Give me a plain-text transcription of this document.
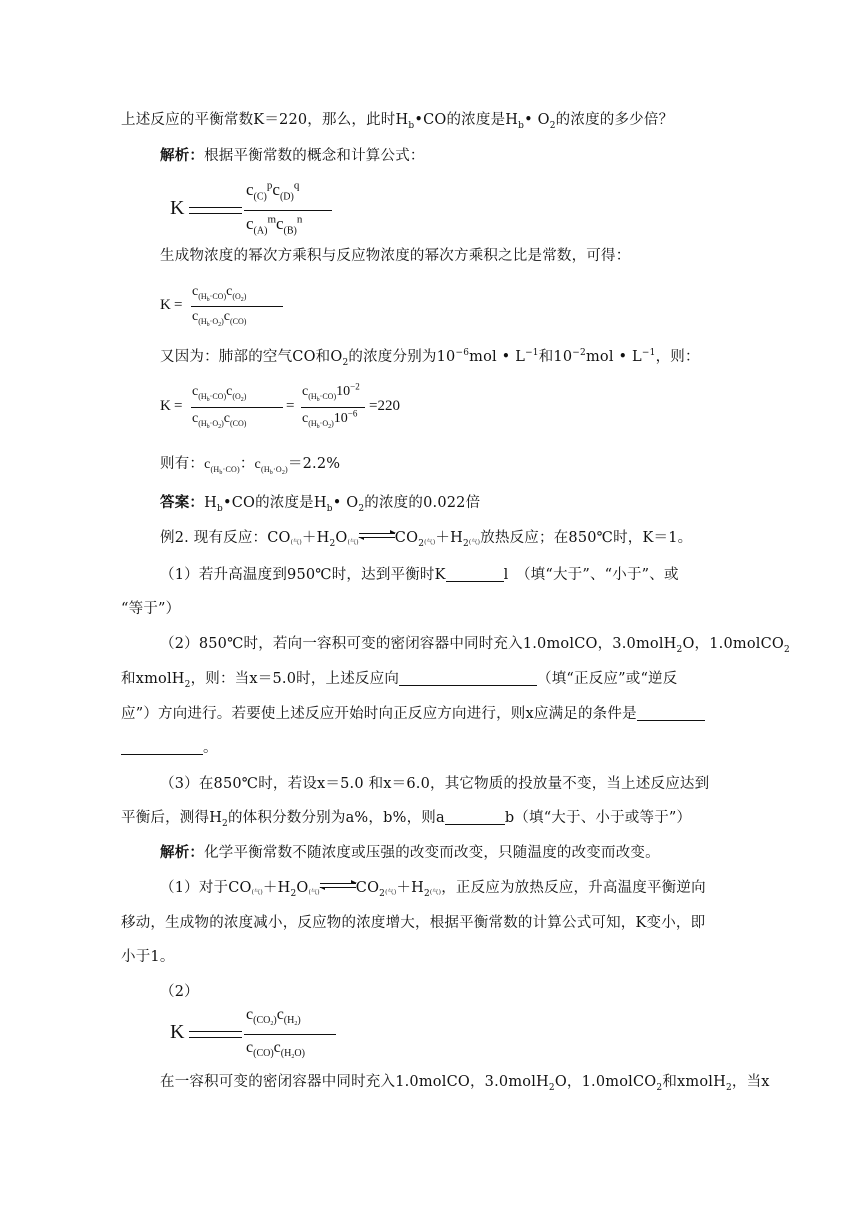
上述反应的平衡常数K＝220，那么，此时$H_b•CO$的浓度是$H_b•$ $O_2$的浓度的多少倍？
解析：根据平衡常数的概念和计算公式：
K
$c_{(C)}^pc_{(D)}^q$
$c_{(A)}^mc_{(B)}^n$
生成物浓度的幂次方乘积与反应物浓度的幂次方乘积之比是常数，可得：
K =
$c_{(H_b\cdot CO)}c_{(O_2)}$
$c_{(H_b\cdot O_2)}c_{(CO)}$
又因为：肺部的空气CO和$O_2$的浓度分别为$10^{-6}mol$ • $L^{-1}$和$10^{-2}mol$ • $L^{-1}$，则：
K =
$c_{(H_b\cdot CO)}c_{(O_2)}$
$c_{(H_b\cdot O_2)}c_{(CO)}$
=
$c_{(H_b\cdot CO)}10^{-2}$
$c_{(H_b\cdot O_2)}10^{-6} =220$
则有：$c_{(H_b\cdot CO)}$：$c_{(H_b\cdot O_2)}=2.2\%$
答案：$H_b•CO$的浓度是$H_b•$ $O_2$的浓度的0.022倍
例2. 现有反应：$CO_{(气)}+H_2O_{(气)}$ $\rightleftharpoons CO_{2(气)}+H_{2(气)}$放热反应；在850℃时，K＝1。
（1）若升高温度到950℃时，达到平衡时K	l　（填“大于”、“小于”、或
“等于”）
（2）850℃时，若向一容积可变的密闭容器中同时充入1.0molCO，3.0molH$_2$O，1.0molCO$_2$
和xmolH$_2$，则：当x＝5.0时，上述反应向	（填“正反应”或“逆反
应”）方向进行。若要使上述反应开始时向正反应方向进行，则x应满足的条件是
。
（3）在850℃时，若设x＝5.0 和x＝6.0，其它物质的投放量不变，当上述反应达到
平衡后，测得$H_2$的体积分数分别为a%，b%，则a	b（填“大于、小于或等于”）
解析：化学平衡常数不随浓度或压强的改变而改变，只随温度的改变而改变。
（1）对于$CO_{(气)}+H_2O_{(气)}$ $\rightleftharpoons CO_{2(气)}+H_{2(气)}$，正反应为放热反应，升高温度平衡逆向
移动，生成物的浓度减小，反应物的浓度增大，根据平衡常数的计算公式可知，K变小，即
小于1。
（2）
K
$c_{(CO_2)}c_{(H_2)}$
$c_{(CO)}c_{(H_2O)}$
在一容积可变的密闭容器中同时充入1.0molCO，3.0molH$_2$O，1.0molCO$_2$和xmolH$_2$，当x
